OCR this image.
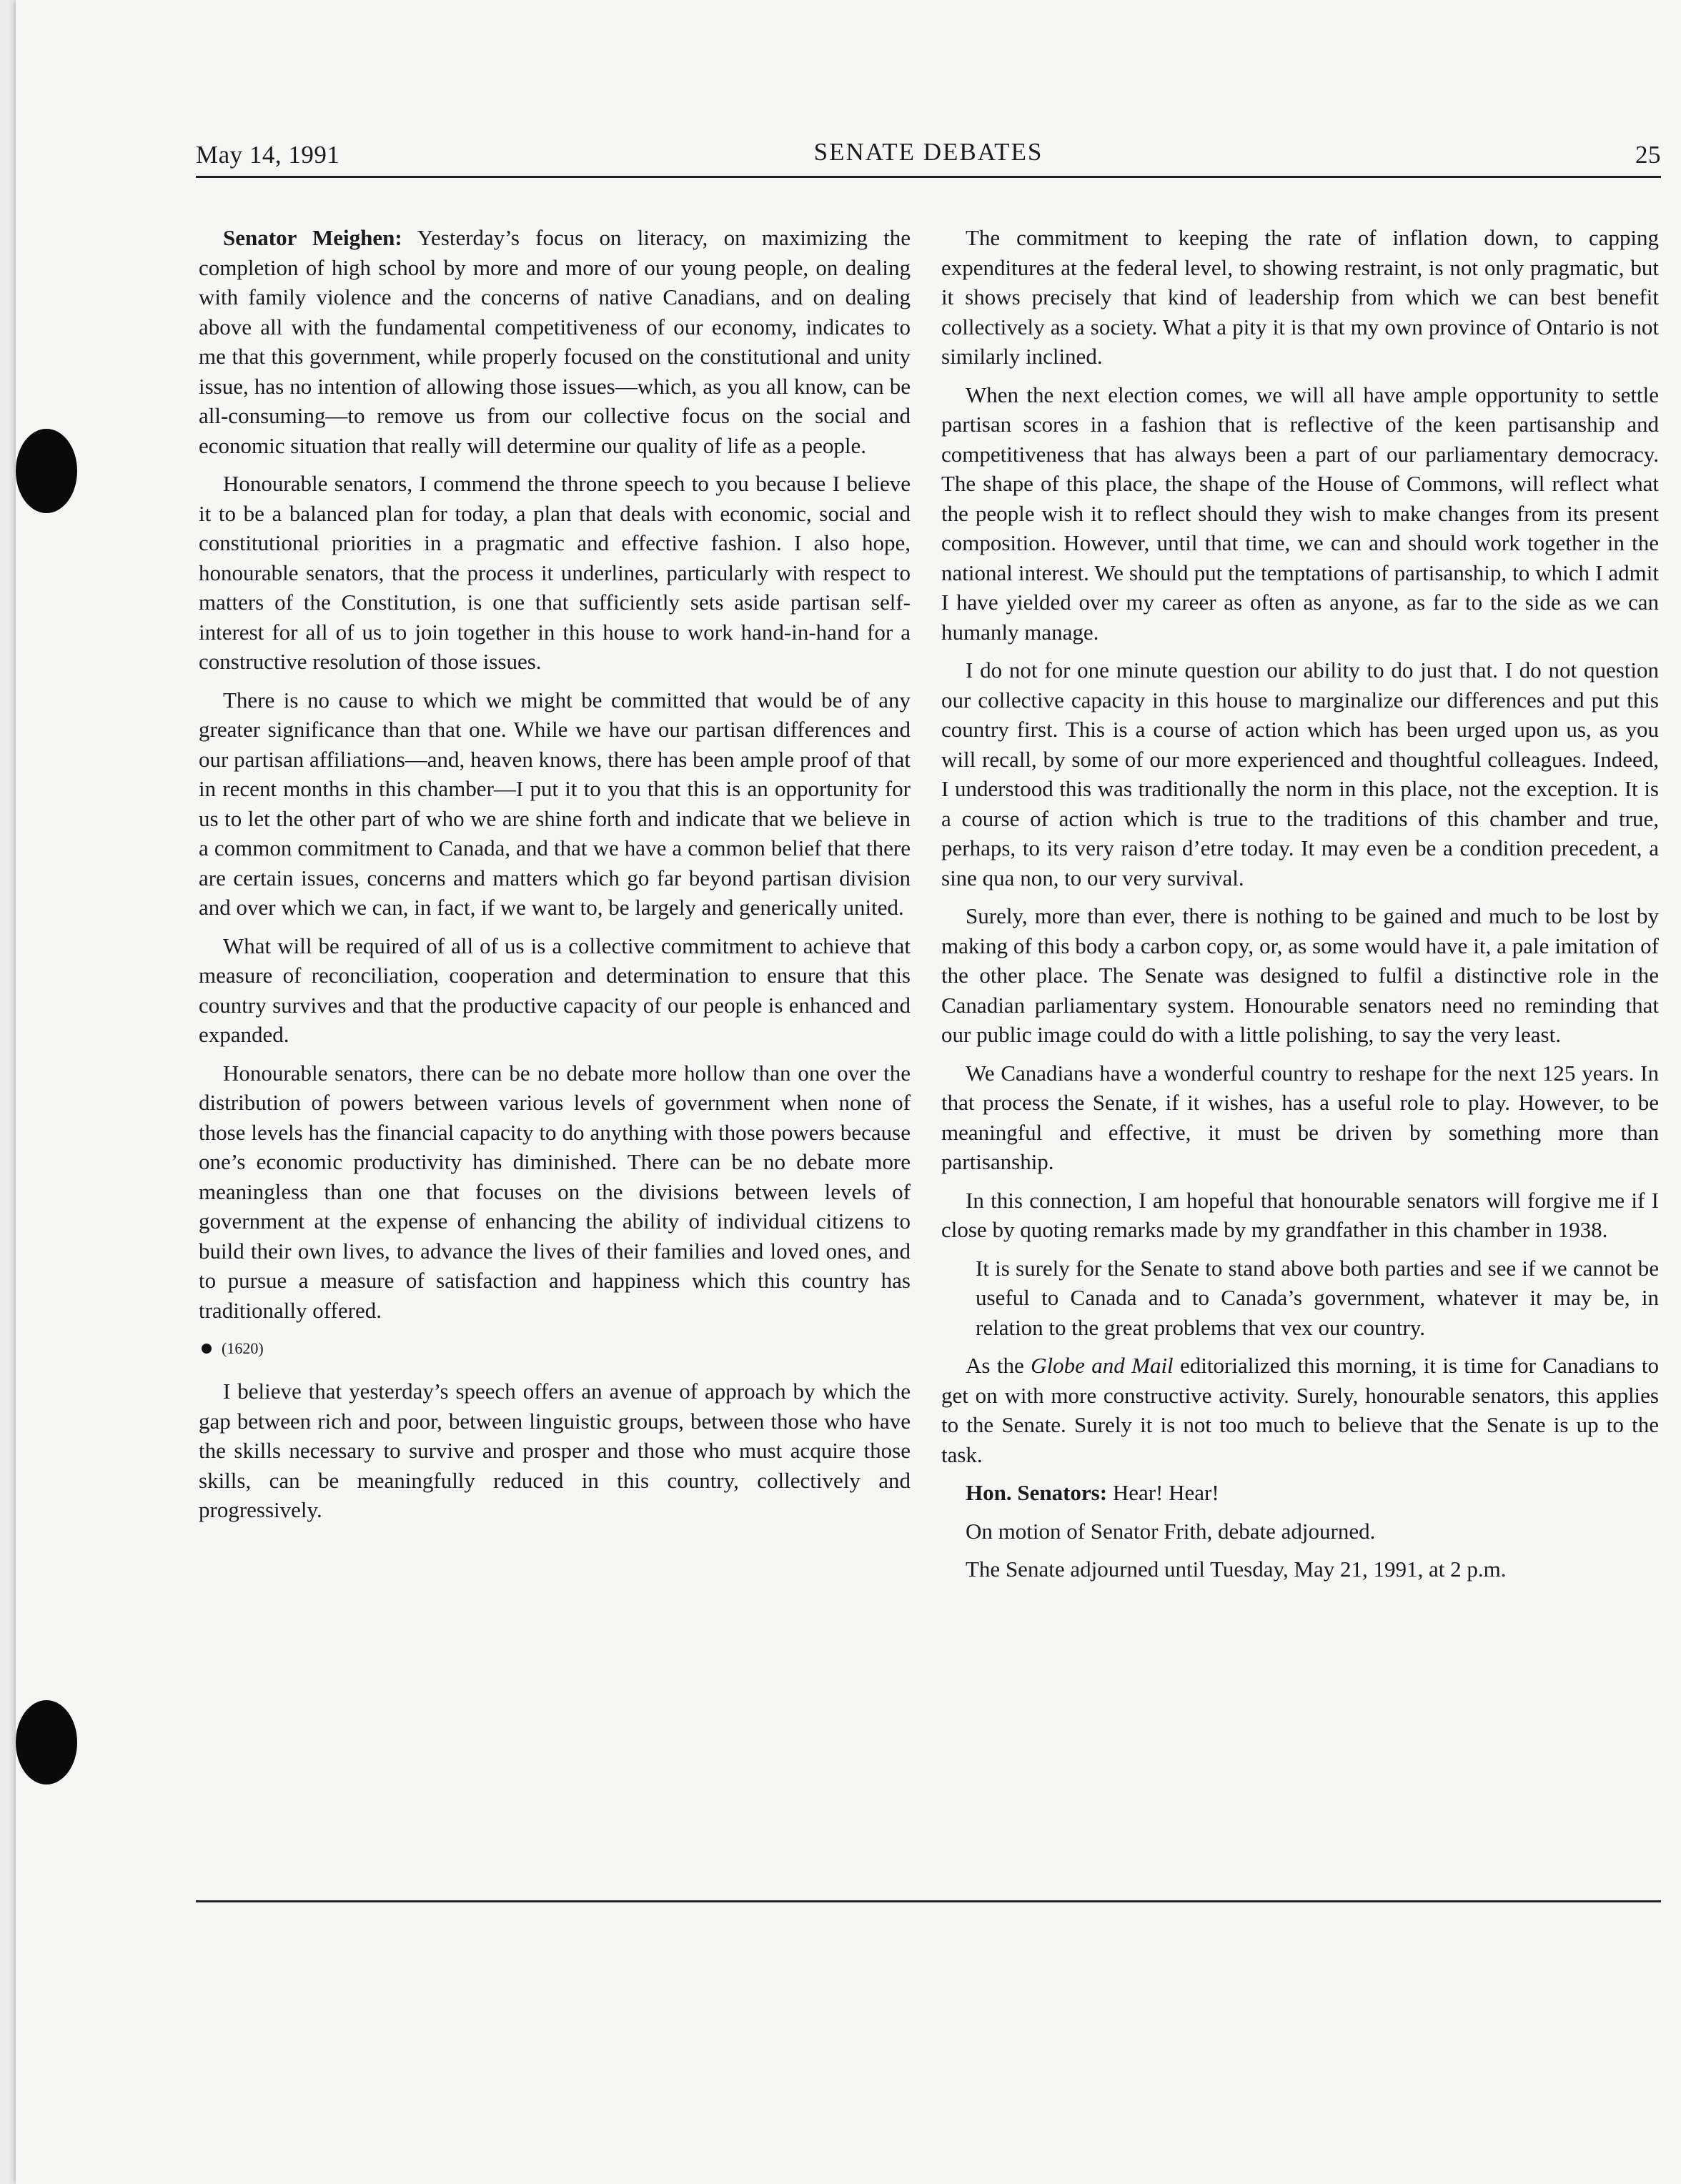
May 14, 1991	SENATE DEBATES	25

Senator Meighen: Yesterday’s focus on literacy, on maximizing the completion of high school by more and more of our young people, on dealing with family violence and the concerns of native Canadians, and on dealing above all with the fundamental competitiveness of our economy, indicates to me that this government, while properly focused on the constitutional and unity issue, has no intention of allowing those issues—which, as you all know, can be all-consuming—to remove us from our collective focus on the social and economic situation that really will determine our quality of life as a people.

Honourable senators, I commend the throne speech to you because I believe it to be a balanced plan for today, a plan that deals with economic, social and constitutional priorities in a pragmatic and effective fashion. I also hope, honourable senators, that the process it underlines, particularly with respect to matters of the Constitution, is one that sufficiently sets aside partisan self-interest for all of us to join together in this house to work hand-in-hand for a constructive resolution of those issues.

There is no cause to which we might be committed that would be of any greater significance than that one. While we have our partisan differences and our partisan affiliations—and, heaven knows, there has been ample proof of that in recent months in this chamber—I put it to you that this is an opportunity for us to let the other part of who we are shine forth and indicate that we believe in a common commitment to Canada, and that we have a common belief that there are certain issues, concerns and matters which go far beyond partisan division and over which we can, in fact, if we want to, be largely and generically united.

What will be required of all of us is a collective commitment to achieve that measure of reconciliation, cooperation and determination to ensure that this country survives and that the productive capacity of our people is enhanced and expanded.

Honourable senators, there can be no debate more hollow than one over the distribution of powers between various levels of government when none of those levels has the financial capacity to do anything with those powers because one’s economic productivity has diminished. There can be no debate more meaningless than one that focuses on the divisions between levels of government at the expense of enhancing the ability of individual citizens to build their own lives, to advance the lives of their families and loved ones, and to pursue a measure of satisfaction and happiness which this country has traditionally offered.

(1620)

I believe that yesterday’s speech offers an avenue of approach by which the gap between rich and poor, between linguistic groups, between those who have the skills necessary to survive and prosper and those who must acquire those skills, can be meaningfully reduced in this country, collectively and progressively.

The commitment to keeping the rate of inflation down, to capping expenditures at the federal level, to showing restraint, is not only pragmatic, but it shows precisely that kind of leadership from which we can best benefit collectively as a society. What a pity it is that my own province of Ontario is not similarly inclined.

When the next election comes, we will all have ample opportunity to settle partisan scores in a fashion that is reflective of the keen partisanship and competitiveness that has always been a part of our parliamentary democracy. The shape of this place, the shape of the House of Commons, will reflect what the people wish it to reflect should they wish to make changes from its present composition. However, until that time, we can and should work together in the national interest. We should put the temptations of partisanship, to which I admit I have yielded over my career as often as anyone, as far to the side as we can humanly manage.

I do not for one minute question our ability to do just that. I do not question our collective capacity in this house to marginalize our differences and put this country first. This is a course of action which has been urged upon us, as you will recall, by some of our more experienced and thoughtful colleagues. Indeed, I understood this was traditionally the norm in this place, not the exception. It is a course of action which is true to the traditions of this chamber and true, perhaps, to its very raison d’etre today. It may even be a condition precedent, a sine qua non, to our very survival.

Surely, more than ever, there is nothing to be gained and much to be lost by making of this body a carbon copy, or, as some would have it, a pale imitation of the other place. The Senate was designed to fulfil a distinctive role in the Canadian parliamentary system. Honourable senators need no reminding that our public image could do with a little polishing, to say the very least.

We Canadians have a wonderful country to reshape for the next 125 years. In that process the Senate, if it wishes, has a useful role to play. However, to be meaningful and effective, it must be driven by something more than partisanship.

In this connection, I am hopeful that honourable senators will forgive me if I close by quoting remarks made by my grandfather in this chamber in 1938.

It is surely for the Senate to stand above both parties and see if we cannot be useful to Canada and to Canada’s government, whatever it may be, in relation to the great problems that vex our country.

As the Globe and Mail editorialized this morning, it is time for Canadians to get on with more constructive activity. Surely, honourable senators, this applies to the Senate. Surely it is not too much to believe that the Senate is up to the task.

Hon. Senators: Hear! Hear!

On motion of Senator Frith, debate adjourned.

The Senate adjourned until Tuesday, May 21, 1991, at 2 p.m.
